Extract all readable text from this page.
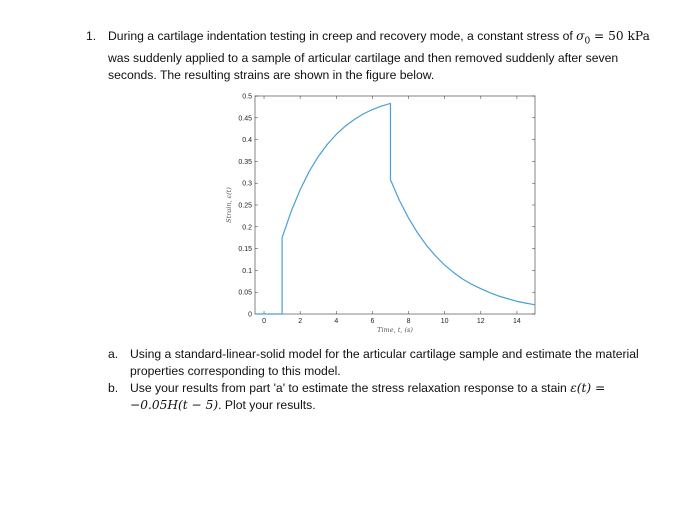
1. During a cartilage indentation testing in creep and recovery mode, a constant stress of $\sigma_0 = 50$ kPa was suddenly applied to a sample of articular cartilage and then removed suddenly after seven seconds. The resulting strains are shown in the figure below.
0	2	4	6	8	10	12	14
0
0.05
0.1
0.15
0.2
0.25
0.3
0.35
0.4
0.45
0.5
Time, t, (s)
Strain, ε(t)
a. Using a standard-linear-solid model for the articular cartilage sample and estimate the material properties corresponding to this model.
b. Use your results from part 'a' to estimate the stress relaxation response to a stain ε(t) = −0.05H(t − 5). Plot your results.
